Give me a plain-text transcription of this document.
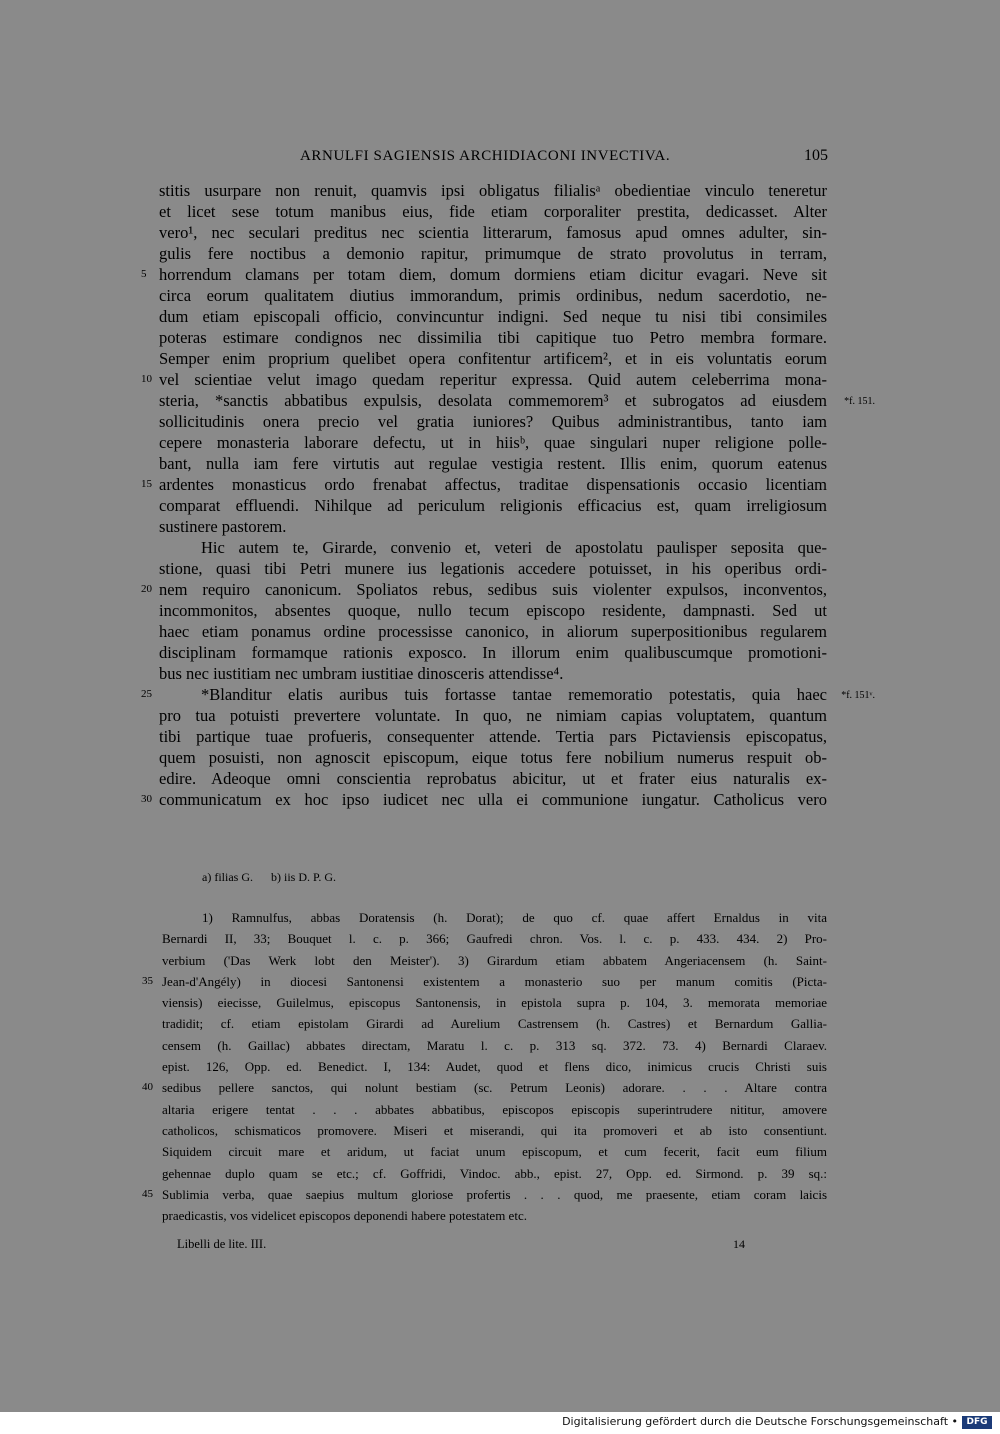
ARNULFI SAGIENSIS ARCHIDIACONI INVECTIVA.	105
stitis usurpare non renuit, quamvis ipsi obligatus filialisᵃ obedientiae vinculo teneretur
et licet sese totum manibus eius, fide etiam corporaliter prestita, dedicasset. Alter
vero¹, nec seculari preditus nec scientia litterarum, famosus apud omnes adulter, sin-
gulis fere noctibus a demonio rapitur, primumque de strato provolutus in terram,
horrendum clamans per totam diem, domum dormiens etiam dicitur evagari. Neve sit
5
circa eorum qualitatem diutius immorandum, primis ordinibus, nedum sacerdotio, ne-
dum etiam episcopali officio, convincuntur indigni. Sed neque tu nisi tibi consimiles
poteras estimare condignos nec dissimilia tibi capitique tuo Petro membra formare.
Semper enim proprium quelibet opera confitentur artificem², et in eis voluntatis eorum
vel scientiae velut imago quedam reperitur expressa. Quid autem celeberrima mona-
10
steria, *sanctis abbatibus expulsis, desolata commemorem³ et subrogatos ad eiusdem *f. 151.
sollicitudinis onera precio vel gratia iuniores? Quibus administrantibus, tanto iam
cepere monasteria laborare defectu, ut in hiisᵇ, quae singulari nuper religione polle-
bant, nulla iam fere virtutis aut regulae vestigia restent. Illis enim, quorum eatenus
ardentes monasticus ordo frenabat affectus, traditae dispensationis occasio licentiam
15
comparat effluendi. Nihilque ad periculum religionis efficacius est, quam irreligiosum
sustinere pastorem.
Hic autem te, Girarde, convenio et, veteri de apostolatu paulisper seposita que-
stione, quasi tibi Petri munere ius legationis accedere potuisset, in his operibus ordi-
nem requiro canonicum. Spoliatos rebus, sedibus suis violenter expulsos, inconventos,
20
incommonitos, absentes quoque, nullo tecum episcopo residente, dampnasti. Sed ut
haec etiam ponamus ordine processisse canonico, in aliorum superpositionibus regularem
disciplinam formamque rationis exposco. In illorum enim qualibuscumque promotioni-
bus nec iustitiam nec umbram iustitiae dinosceris attendisse⁴.
*Blanditur elatis auribus tuis fortasse tantae rememoratio potestatis, quia haec
25	*f. 151ᵛ.
pro tua potuisti prevertere voluntate. In quo, ne nimiam capias voluptatem, quantum
tibi partique tuae profueris, consequenter attende. Tertia pars Pictaviensis episcopatus,
quem posuisti, non agnoscit episcopum, eique totus fere nobilium numerus respuit ob-
edire. Adeoque omni conscientia reprobatus abicitur, ut et frater eius naturalis ex-
communicatum ex hoc ipso iudicet nec ulla ei communione iungatur. Catholicus vero
30
a) filias G.      b) iis D. P. G.
1) Ramnulfus, abbas Doratensis (h. Dorat); de quo cf. quae affert Ernaldus in vita
Bernardi II, 33; Bouquet l. c. p. 366; Gaufredi chron. Vos. l. c. p. 433. 434. 2) Pro-
verbium ('Das Werk lobt den Meister'). 3) Girardum etiam abbatem Angeriacensem (h. Saint-
Jean-d'Angély) in diocesi Santonensi existentem a monasterio suo per manum comitis (Picta-
35
viensis) eiecisse, Guilelmus, episcopus Santonensis, in epistola supra p. 104, 3. memorata memoriae
tradidit; cf. etiam epistolam Girardi ad Aurelium Castrensem (h. Castres) et Bernardum Gallia-
censem (h. Gaillac) abbates directam, Maratu l. c. p. 313 sq. 372. 73. 4) Bernardi Claraev.
epist. 126, Opp. ed. Benedict. I, 134: Audet, quod et flens dico, inimicus crucis Christi suis
sedibus pellere sanctos, qui nolunt bestiam (sc. Petrum Leonis) adorare. . . . Altare contra
40
altaria erigere tentat . . . abbates abbatibus, episcopos episcopis superintrudere nititur, amovere
catholicos, schismaticos promovere. Miseri et miserandi, qui ita promoveri et ab isto consentiunt.
Siquidem circuit mare et aridum, ut faciat unum episcopum, et cum fecerit, facit eum filium
gehennae duplo quam se etc.; cf. Goffridi, Vindoc. abb., epist. 27, Opp. ed. Sirmond. p. 39 sq.:
Sublimia verba, quae saepius multum gloriose profertis . . . quod, me praesente, etiam coram laicis
45
praedicastis, vos videlicet episcopos deponendi habere potestatem etc.
Libelli de lite. III.	14
Digitalisierung gefördert durch die Deutsche Forschungsgemeinschaft • DFG
